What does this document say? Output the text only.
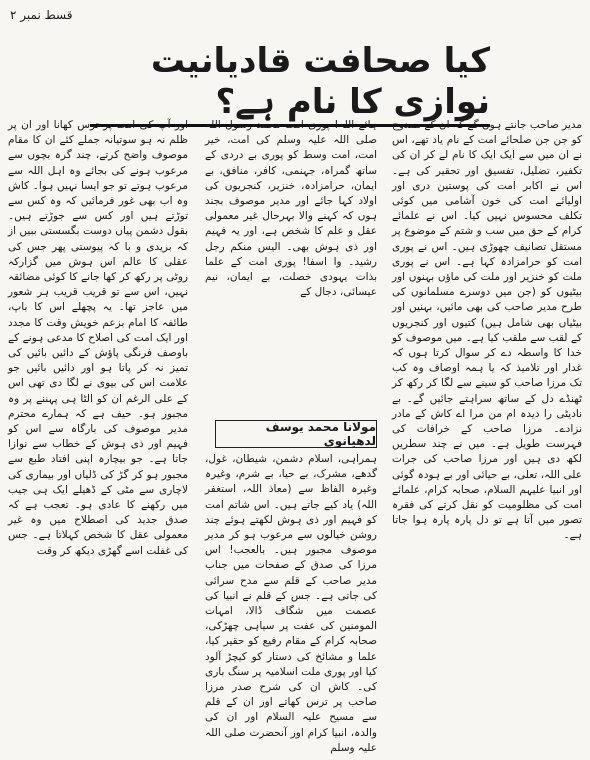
قسط نمبر ۲
کیا صحافت قادیانیت نوازی کا نام ہے؟

مدیر صاحب جانتے ہوں گے کہ ان کے ممدوح کو جن جن صلحائے امت کے نام یاد تھے، اس نے ان میں سے ایک ایک کا نام لے کر ان کی تکفیر، تضلیل، تفسیق اور تحقیر کی ہے۔ اس نے اکابر امت کی پوستین دری اور اولیائے امت کی خون آشامی میں کوئی تکلف محسوس نہیں کیا۔ اس نے علمائے کرام کے حق میں سب و شتم کے موضوع پر مستقل تصانیف چھوڑی ہیں۔ اس نے پوری امت کو حرامزادہ کہا ہے۔ اس نے پوری ملت کو خنزیر اور ملت کی ماؤں بہنوں اور بیٹیوں کو (جن میں دوسرے مسلمانوں کی طرح مدیر صاحب کی بھی مائیں، بہنیں اور بیٹیاں بھی شامل ہیں) کتیوں اور کنجریوں کے لقب سے ملقب کیا ہے۔ میں موصوف کو خدا کا واسطہ دے کر سوال کرتا ہوں کہ غدار اور تلامیذ کہ یا ہمہ اوصاف وہ کب تک مرزا صاحب کو سینے سے لگا کر رکھ کر ٹھنڈے دل کے ساتھ سراہتے جائیں گے۔ بے نادیٹی را دیدہ ام من مرا اے کاش کے مادر نزادے۔ مرزا صاحب کے خرافات کی فہرست طویل ہے۔ میں نے چند سطریں لکھ دی ہیں اور مرزا صاحب کی جرات علی اللہ، تعلی، بے حیائی اور بے ہودہ گوئی اور انبیا علیہم السلام، صحابہ کرام، علمائے امت کی مظلومیت کو نقل کرتے کی فقرہ تصور میں آتا ہے تو دل پارہ پارہ ہوا جاتا ہے۔

ہائے اللہ! پوری امت محمد رسول اللہ صلی اللہ علیہ وسلم کی امت، خیر امت، امت وسط کو پوری بے دردی کے ساتھ گمراہ، جہنمی، کافر، منافق، بے ایمان، حرامزادہ، خنزیر، کنجریوں کی اولاد کہا جائے اور مدیر موصوف بجند ہوں کہ کہنے والا بہرحال غیر معمولی عقل و علم کا شخص ہے، اور یہ فہیم اور ذی ہوش بھی۔ الیس منکم رجل رشید۔ وا اسفا! پوری امت کے علما بذات یہودی خصلت، بے ایمان، نیم عیسائی، دجال کے

مولانا محمد یوسف لدھیانوی

ہمراہی، اسلام دشمن، شیطان، غول، گدھے، مشرک، بے حیا، بے شرم، وغیرہ وغیرہ الفاظ سے (معاذ اللہ، استغفر اللہ) یاد کیے جاتے ہیں۔ اس شاتم امت کو فہیم اور ذی ہوش لکھتے ہوئے چند روشن خیالوں سے مرعوب ہو کر مدیر موصوف مجبور ہیں۔ بالعجب! اس مرزا کی صدق کے صفحات میں جناب مدیر صاحب کے قلم سے مدح سرائی کی جاتی ہے۔ جس کے قلم نے انبیا کی عصمت میں شگاف ڈالا، امہات المومنین کی عفت پر سیاہی چھڑکی، صحابہ کرام کے مقام رفیع کو حقیر کیا، علما و مشائخ کی دستار کو کیچڑ آلود کیا اور پوری ملت اسلامیہ پر سنگ باری کی۔ کاش ان کی شرح صدر مرزا صاحب پر ترس کھاتے اور ان کے قلم سے مسیح علیہ السلام اور ان کی والدہ، انبیا کرام اور آنحضرت صلی اللہ علیہ وسلم

اور آپ کی امت پر ترس کھانا اور ان پر ظلم نہ ہو سوتیانہ جملے کئے ان کا مقام موصوف واضح کرتے، چند گرہ بچوں سے مرعوب ہونے کی بجائے وہ اہل اللہ سے مرعوب ہوتے تو جو ایسا نہیں ہوا۔ کاش وہ اب بھی غور فرمائیں کہ وہ کس سے توڑتے ہیں اور کس سے جوڑتے ہیں۔ بقول دشمن پیاں دوست بگسستی ببیں از کہ بریدی و با کہ پیوستی پھر جس کی عقلی کا عالم اس ہوش میں گزارکہ روٹی پر رکھ کر کھا جانے کا کوئی مضائقہ نہیں، اس سے تو قریب قریب ہر شعور میں عاجز تھا۔ یہ پچھلے اس کا باپ، طائفہ کا امام بزعم خویش وقت کا مجدد اور ایک امت کی اصلاح کا مدعی ہونے کے باوصف فرنگی پاؤش کے دائیں بائیں کی تمیز نہ کر پاتا ہو اور دائیں بائیں جو علامت اس کی بیوی نے لگا دی تھی اس کے علی الرغم ان کو الٹا ہی پہننے پر وہ مجبور ہو۔ حیف ہے کہ ہمارے محترم مدیر موصوف کی بارگاہ سے اس کو فہیم اور ذی ہوش کے خطاب سے نوازا جاتا ہے۔ جو بیچارہ اپنی افتاد طبع سے مجبور ہو کر گڑ کی ڈلیاں اور بیماری کی لاچاری سے مٹی کے ڈھیلے ایک ہی جیب میں رکھنے کا عادی ہو۔ تعجب ہے کہ صدق جدید کی اصطلاح میں وہ غیر معمولی عقل کا شخص کہلاتا ہے۔ جس کی غفلت اسے گھڑی دیکھ کر وقت
